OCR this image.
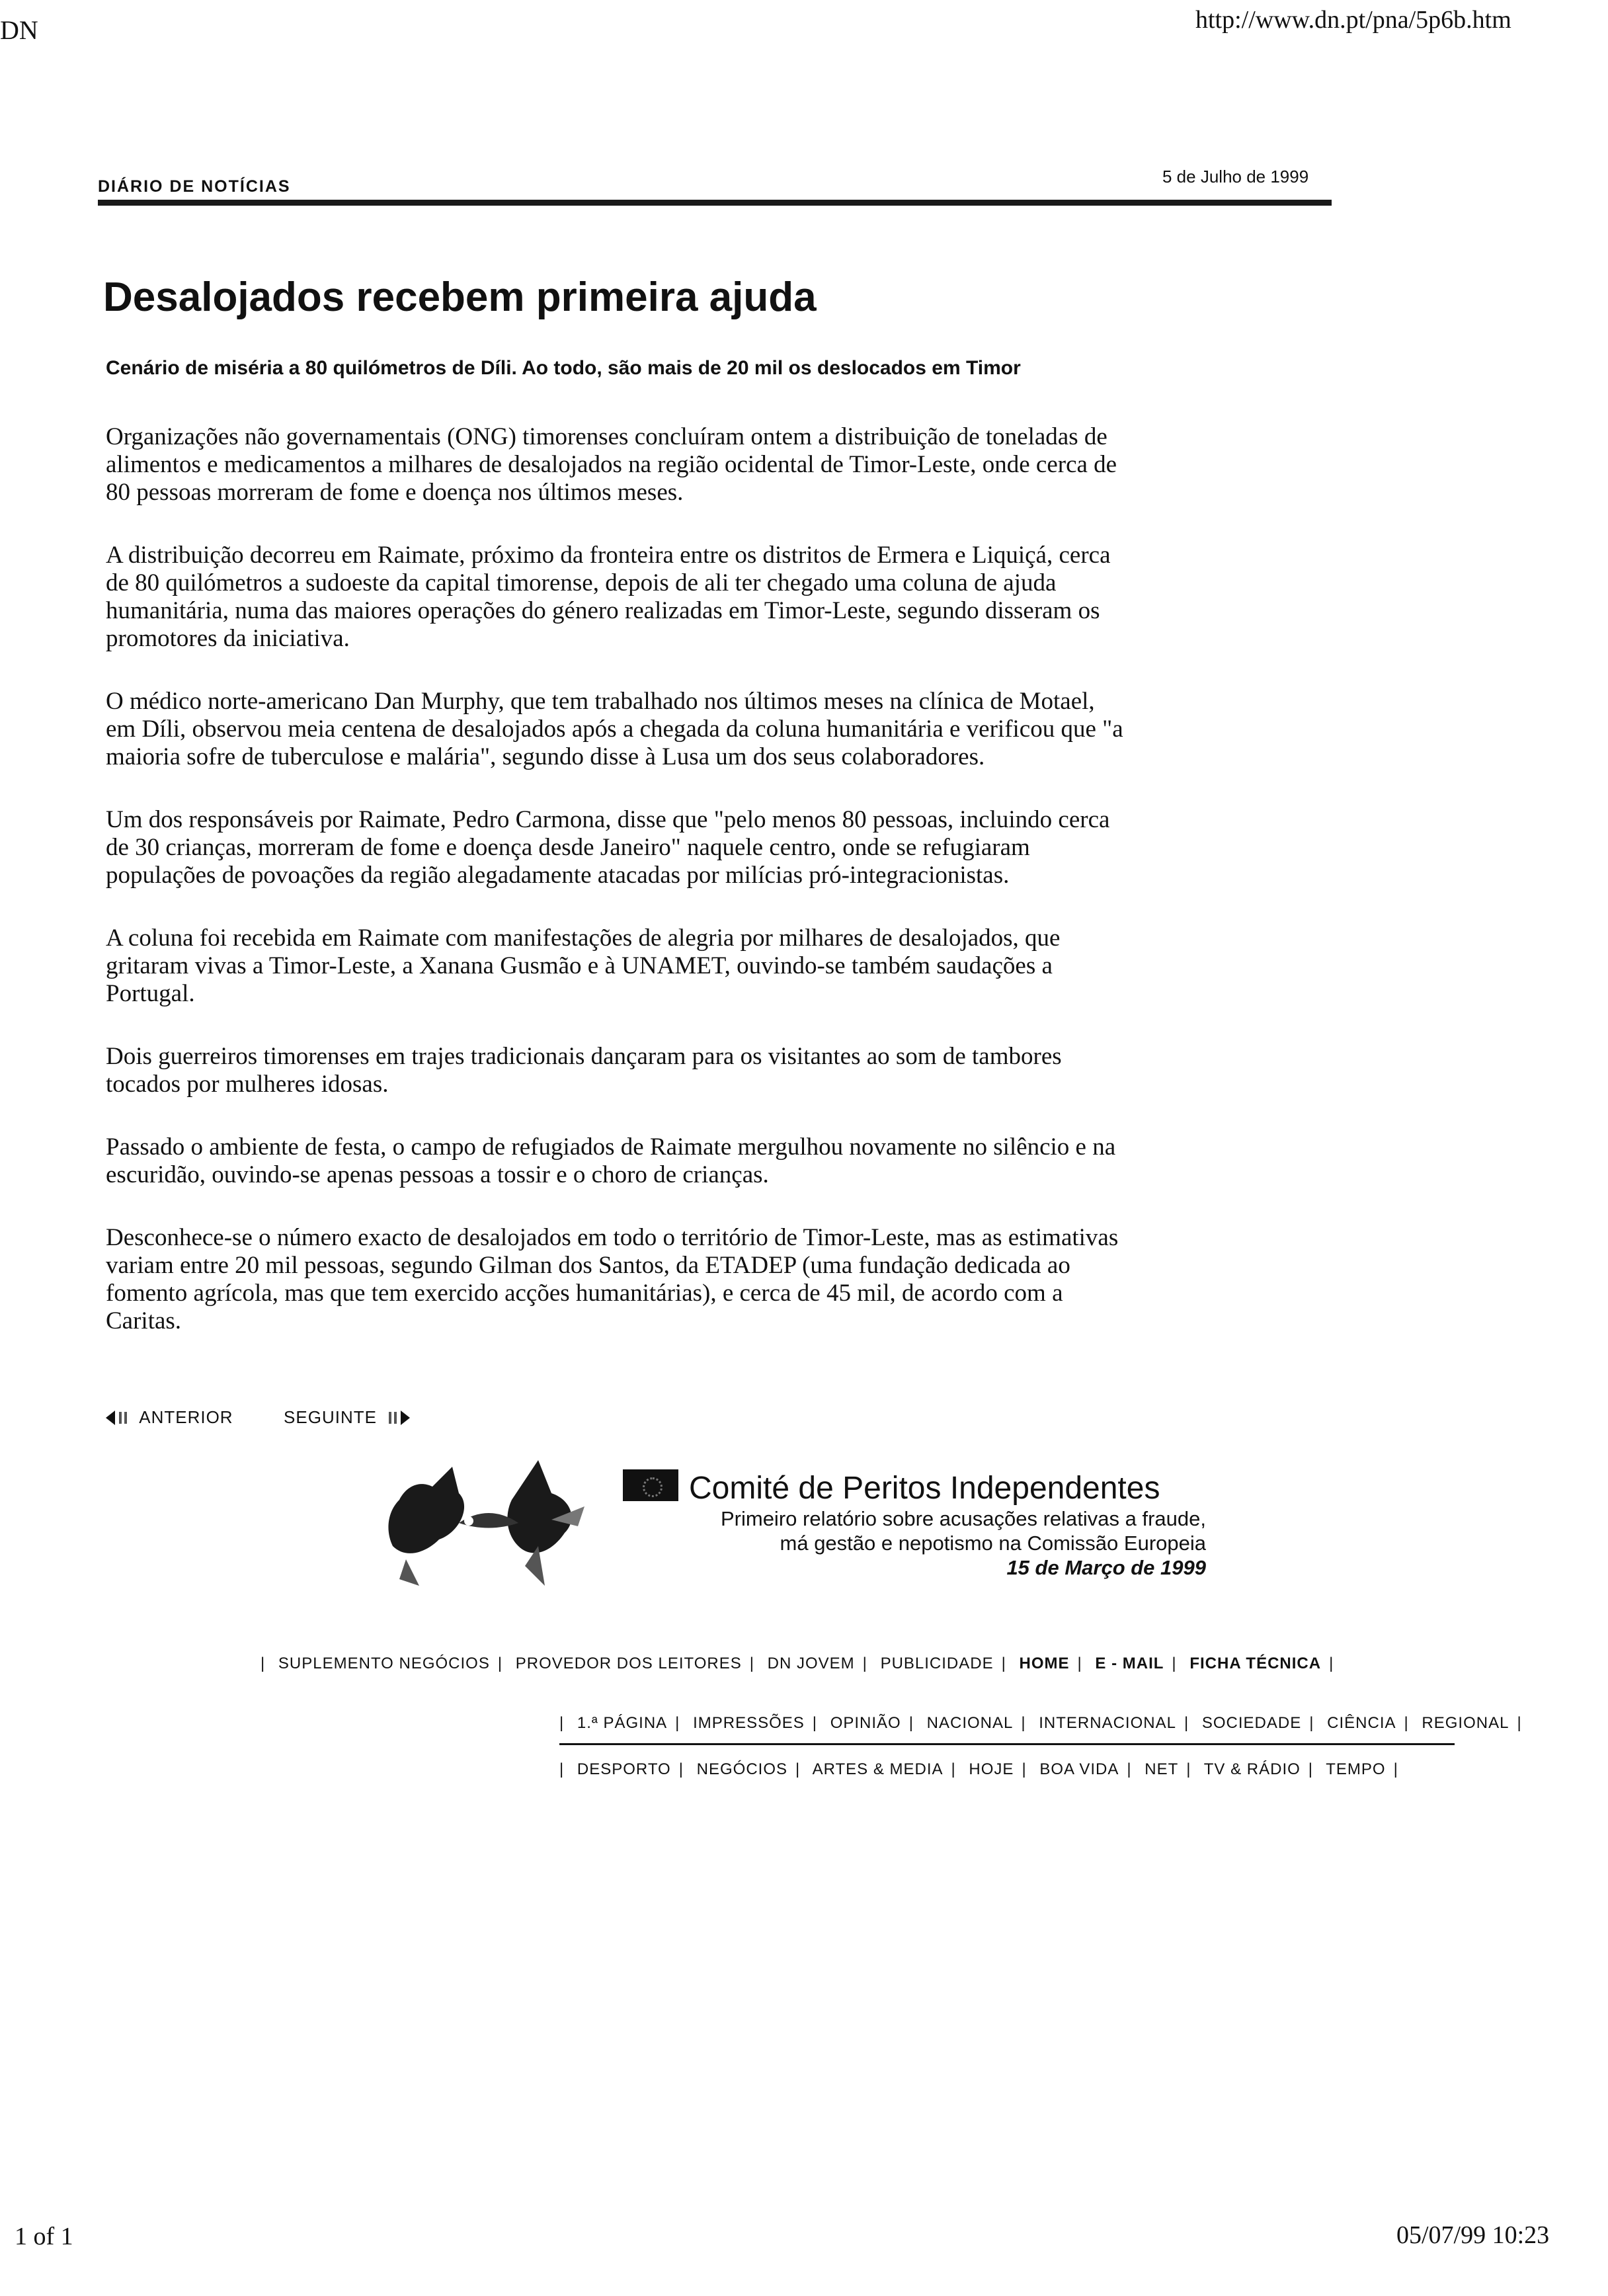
DN	http://www.dn.pt/pna/5p6b.htm
DIÁRIO DE NOTÍCIAS	5 de Julho de 1999
Desalojados recebem primeira ajuda

Cenário de miséria a 80 quilómetros de Díli. Ao todo, são mais de 20 mil os deslocados em Timor

Organizações não governamentais (ONG) timorenses concluíram ontem a distribuição de toneladas de alimentos e medicamentos a milhares de desalojados na região ocidental de Timor-Leste, onde cerca de 80 pessoas morreram de fome e doença nos últimos meses.

A distribuição decorreu em Raimate, próximo da fronteira entre os distritos de Ermera e Liquiçá, cerca de 80 quilómetros a sudoeste da capital timorense, depois de ali ter chegado uma coluna de ajuda humanitária, numa das maiores operações do género realizadas em Timor-Leste, segundo disseram os promotores da iniciativa.

O médico norte-americano Dan Murphy, que tem trabalhado nos últimos meses na clínica de Motael, em Díli, observou meia centena de desalojados após a chegada da coluna humanitária e verificou que "a maioria sofre de tuberculose e malária", segundo disse à Lusa um dos seus colaboradores.

Um dos responsáveis por Raimate, Pedro Carmona, disse que "pelo menos 80 pessoas, incluindo cerca de 30 crianças, morreram de fome e doença desde Janeiro" naquele centro, onde se refugiaram populações de povoações da região alegadamente atacadas por milícias pró-integracionistas.

A coluna foi recebida em Raimate com manifestações de alegria por milhares de desalojados, que gritaram vivas a Timor-Leste, a Xanana Gusmão e à UNAMET, ouvindo-se também saudações a Portugal.

Dois guerreiros timorenses em trajes tradicionais dançaram para os visitantes ao som de tambores tocados por mulheres idosas.

Passado o ambiente de festa, o campo de refugiados de Raimate mergulhou novamente no silêncio e na escuridão, ouvindo-se apenas pessoas a tossir e o choro de crianças.

Desconhece-se o número exacto de desalojados em todo o território de Timor-Leste, mas as estimativas variam entre 20 mil pessoas, segundo Gilman dos Santos, da ETADEP (uma fundação dedicada ao fomento agrícola, mas que tem exercido acções humanitárias), e cerca de 45 mil, de acordo com a Caritas.

ANTERIOR	SEGUINTE
Comité de Peritos Independentes
Primeiro relatório sobre acusações relativas a fraude,
má gestão e nepotismo na Comissão Europeia
15 de Março de 1999
| SUPLEMENTO NEGÓCIOS | PROVEDOR DOS LEITORES | DN JOVEM | PUBLICIDADE | HOME | E - MAIL | FICHA TÉCNICA |
| 1.ª PÁGINA | IMPRESSÕES | OPINIÃO | NACIONAL | INTERNACIONAL | SOCIEDADE | CIÊNCIA | REGIONAL |
| DESPORTO | NEGÓCIOS | ARTES & MEDIA | HOJE | BOA VIDA | NET | TV & RÁDIO | TEMPO |
1 of 1	05/07/99 10:23
